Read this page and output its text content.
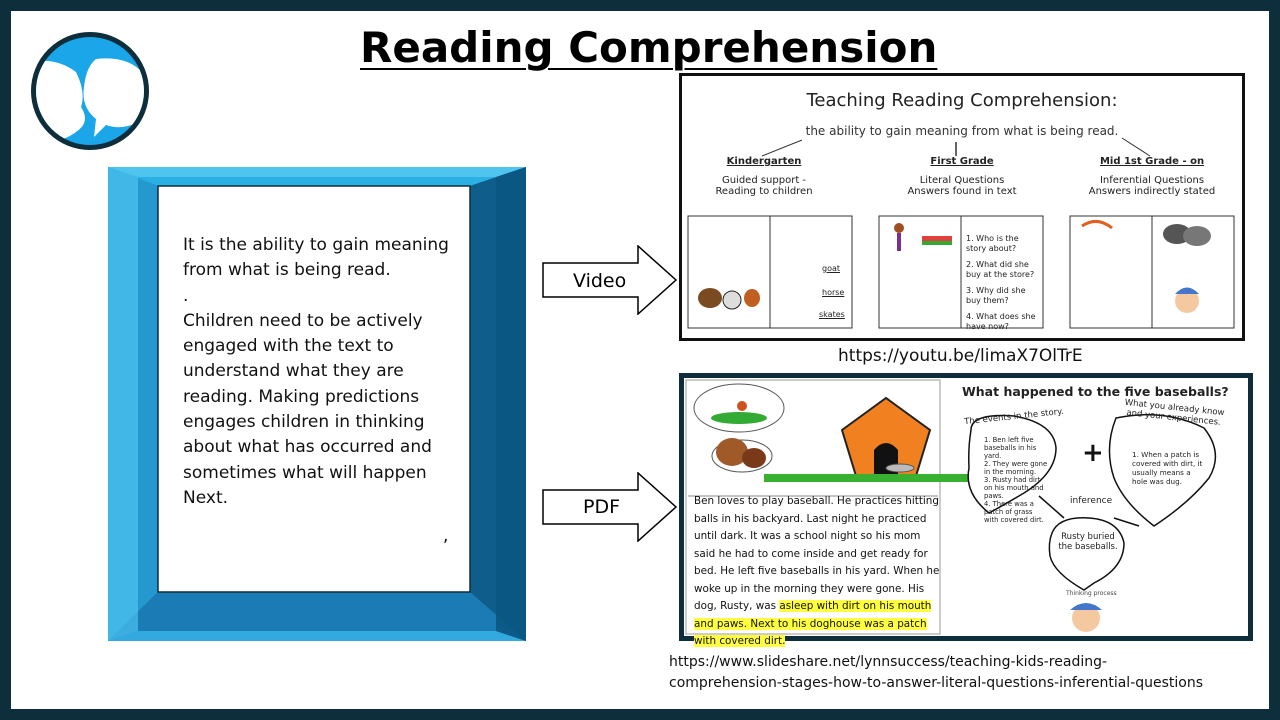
Reading Comprehension

It is the ability to gain meaning from what is being read.

.

Children need to be actively engaged with the text to understand what they are reading. Making predictions engages children in thinking about what has occurred and sometimes what will happen Next.

,
Video
PDF
Teaching Reading Comprehension:
the ability to gain meaning from what is being read.
Kindergarten
Guided support -
Reading to children
First Grade
Literal Questions
Answers found in text
Mid 1st Grade - on
Inferential Questions
Answers indirectly stated
goat
horse
skates
1. Who is the story about?
2. What did she buy at the store?
3. Why did she buy them?
4. What does she have now?
https://youtu.be/limaX7OlTrE
Ben loves to play baseball. He practices hitting balls in his backyard. Last night he practiced until dark. It was a school night so his mom said he had to come inside and get ready for bed. He left five baseballs in his yard. When he woke up in the morning they were gone. His dog, Rusty, was asleep with dirt on his mouth and paws. Next to his doghouse was a patch with covered dirt.
What happened to the five baseballs?
The events in the story.
1. Ben left five baseballs in his yard.
2. They were gone in the morning.
3. Rusty had dirt on his mouth and paws.
4. There was a patch of grass with covered dirt.
+
What you already know and your experiences.
1. When a patch is covered with dirt, it usually means a hole was dug.
inference
Rusty buried the baseballs.
Thinking process
https://www.slideshare.net/lynnsuccess/teaching-kids-reading-
comprehension-stages-how-to-answer-literal-questions-inferential-questions
